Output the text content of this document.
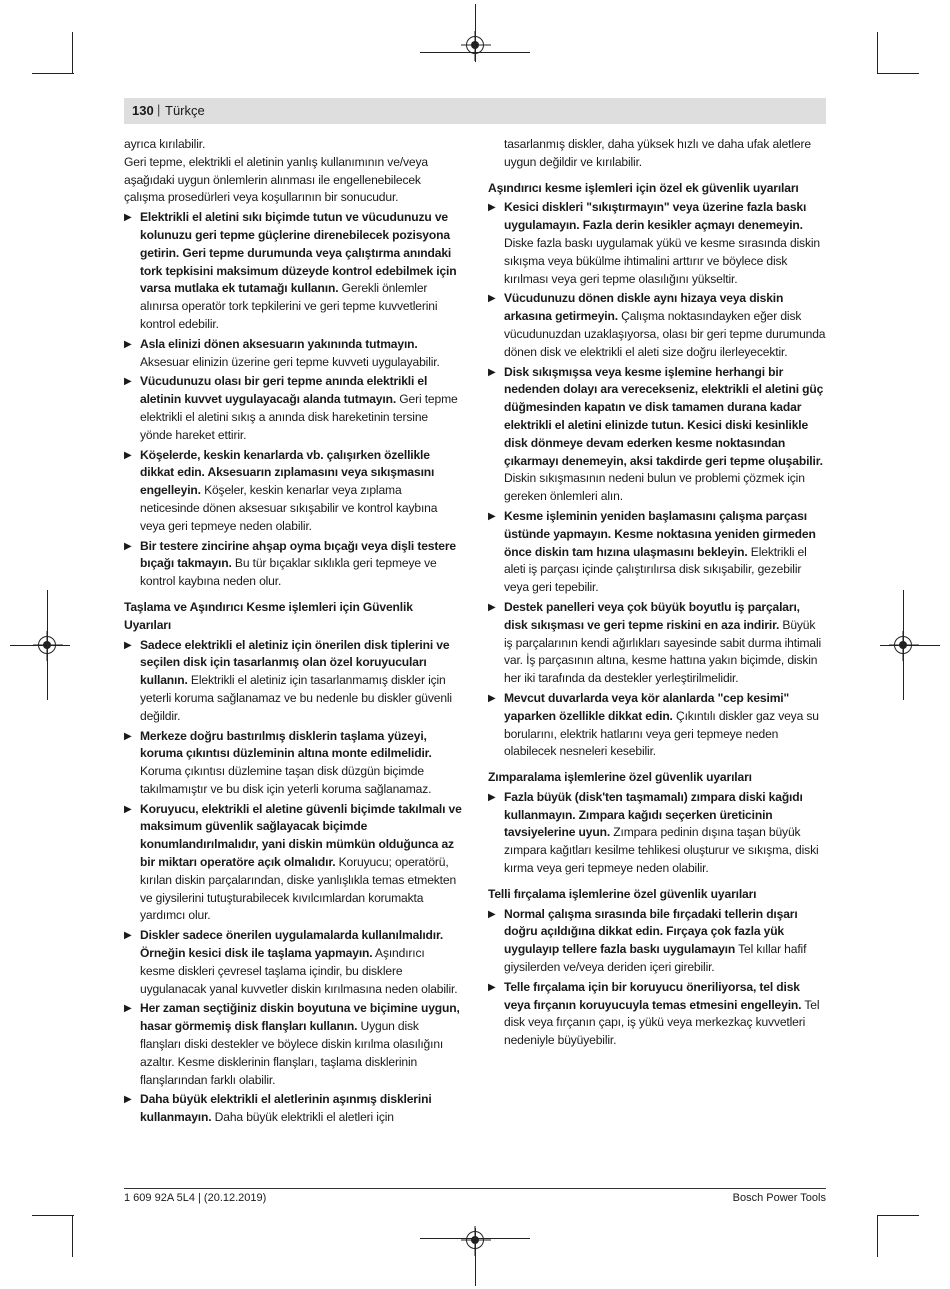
130 | Türkçe

ayrıca kırılabilir.

Geri tepme, elektrikli el aletinin yanlış kullanımının ve/veya aşağıdaki uygun önlemlerin alınması ile engellenebilecek çalışma prosedürleri veya koşullarının bir sonucudur.

▶ Elektrikli el aletini sıkı biçimde tutun ve vücudunuzu ve kolunuzu geri tepme güçlerine direnebilecek pozisyona getirin. Geri tepme durumunda veya çalıştırma anındaki tork tepkisini maksimum düzeyde kontrol edebilmek için varsa mutlaka ek tutamağı kullanın. Gerekli önlemler alınırsa operatör tork tepkilerini ve geri tepme kuvvetlerini kontrol edebilir.
▶ Asla elinizi dönen aksesuarın yakınında tutmayın. Aksesuar elinizin üzerine geri tepme kuvveti uygulayabilir.
▶ Vücudunuzu olası bir geri tepme anında elektrikli el aletinin kuvvet uygulayacağı alanda tutmayın. Geri tepme elektrikli el aletini sıkış a anında disk hareketinin tersine yönde hareket ettirir.
▶ Köşelerde, keskin kenarlarda vb. çalışırken özellikle dikkat edin. Aksesuarın zıplamasını veya sıkışmasını engelleyin. Köşeler, keskin kenarlar veya zıplama neticesinde dönen aksesuar sıkışabilir ve kontrol kaybına veya geri tepmeye neden olabilir.
▶ Bir testere zincirine ahşap oyma bıçağı veya dişli testere bıçağı takmayın. Bu tür bıçaklar sıklıkla geri tepmeye ve kontrol kaybına neden olur.

Taşlama ve Aşındırıcı Kesme işlemleri için Güvenlik Uyarıları

▶ Sadece elektrikli el aletiniz için önerilen disk tiplerini ve seçilen disk için tasarlanmış olan özel koruyucuları kullanın. Elektrikli el aletiniz için tasarlanmamış diskler için yeterli koruma sağlanamaz ve bu nedenle bu diskler güvenli değildir.
▶ Merkeze doğru bastırılmış disklerin taşlama yüzeyi, koruma çıkıntısı düzleminin altına monte edilmelidir. Koruma çıkıntısı düzlemine taşan disk düzgün biçimde takılmamıştır ve bu disk için yeterli koruma sağlanamaz.
▶ Koruyucu, elektrikli el aletine güvenli biçimde takılmalı ve maksimum güvenlik sağlayacak biçimde konumlandırılmalıdır, yani diskin mümkün olduğunca az bir miktarı operatöre açık olmalıdır. Koruyucu; operatörü, kırılan diskin parçalarından, diske yanlışlıkla temas etmekten ve giysilerini tutuşturabilecek kıvılcımlardan korumakta yardımcı olur.
▶ Diskler sadece önerilen uygulamalarda kullanılmalıdır. Örneğin kesici disk ile taşlama yapmayın. Aşındırıcı kesme diskleri çevresel taşlama içindir, bu disklere uygulanacak yanal kuvvetler diskin kırılmasına neden olabilir.
▶ Her zaman seçtiğiniz diskin boyutuna ve biçimine uygun, hasar görmemiş disk flanşları kullanın. Uygun disk flanşları diski destekler ve böylece diskin kırılma olasılığını azaltır. Kesme disklerinin flanşları, taşlama disklerinin flanşlarından farklı olabilir.
▶ Daha büyük elektrikli el aletlerinin aşınmış disklerini kullanmayın. Daha büyük elektrikli el aletleri için

tasarlanmış diskler, daha yüksek hızlı ve daha ufak aletlere uygun değildir ve kırılabilir.

Aşındırıcı kesme işlemleri için özel ek güvenlik uyarıları

▶ Kesici diskleri "sıkıştırmayın" veya üzerine fazla baskı uygulamayın. Fazla derin kesikler açmayı denemeyin. Diske fazla baskı uygulamak yükü ve kesme sırasında diskin sıkışma veya bükülme ihtimalini arttırır ve böylece disk kırılması veya geri tepme olasılığını yükseltir.
▶ Vücudunuzu dönen diskle aynı hizaya veya diskin arkasına getirmeyin. Çalışma noktasındayken eğer disk vücudunuzdan uzaklaşıyorsa, olası bir geri tepme durumunda dönen disk ve elektrikli el aleti size doğru ilerleyecektir.
▶ Disk sıkışmışsa veya kesme işlemine herhangi bir nedenden dolayı ara verecekseniz, elektrikli el aletini güç düğmesinden kapatın ve disk tamamen durana kadar elektrikli el aletini elinizde tutun. Kesici diski kesinlikle disk dönmeye devam ederken kesme noktasından çıkarmayı denemeyin, aksi takdirde geri tepme oluşabilir. Diskin sıkışmasının nedeni bulun ve problemi çözmek için gereken önlemleri alın.
▶ Kesme işleminin yeniden başlamasını çalışma parçası üstünde yapmayın. Kesme noktasına yeniden girmeden önce diskin tam hızına ulaşmasını bekleyin. Elektrikli el aleti iş parçası içinde çalıştırılırsa disk sıkışabilir, gezebilir veya geri tepebilir.
▶ Destek panelleri veya çok büyük boyutlu iş parçaları, disk sıkışması ve geri tepme riskini en aza indirir. Büyük iş parçalarının kendi ağırlıkları sayesinde sabit durma ihtimali var. İş parçasının altına, kesme hattına yakın biçimde, diskin her iki tarafında da destekler yerleştirilmelidir.
▶ Mevcut duvarlarda veya kör alanlarda "cep kesimi" yaparken özellikle dikkat edin. Çıkıntılı diskler gaz veya su borularını, elektrik hatlarını veya geri tepmeye neden olabilecek nesneleri kesebilir.

Zımparalama işlemlerine özel güvenlik uyarıları

▶ Fazla büyük (disk'ten taşmamalı) zımpara diski kağıdı kullanmayın. Zımpara kağıdı seçerken üreticinin tavsiyelerine uyun. Zımpara pedinin dışına taşan büyük zımpara kağıtları kesilme tehlikesi oluşturur ve sıkışma, diski kırma veya geri tepmeye neden olabilir.

Telli fırçalama işlemlerine özel güvenlik uyarıları

▶ Normal çalışma sırasında bile fırçadaki tellerin dışarı doğru açıldığına dikkat edin. Fırçaya çok fazla yük uygulayıp tellere fazla baskı uygulamayın Tel kıllar hafif giysilerden ve/veya deriden içeri girebilir.
▶ Telle fırçalama için bir koruyucu öneriliyorsa, tel disk veya fırçanın koruyucuyla temas etmesini engelleyin. Tel disk veya fırçanın çapı, iş yükü veya merkezkaç kuvvetleri nedeniyle büyüyebilir.
1 609 92A 5L4 | (20.12.2019)	Bosch Power Tools
